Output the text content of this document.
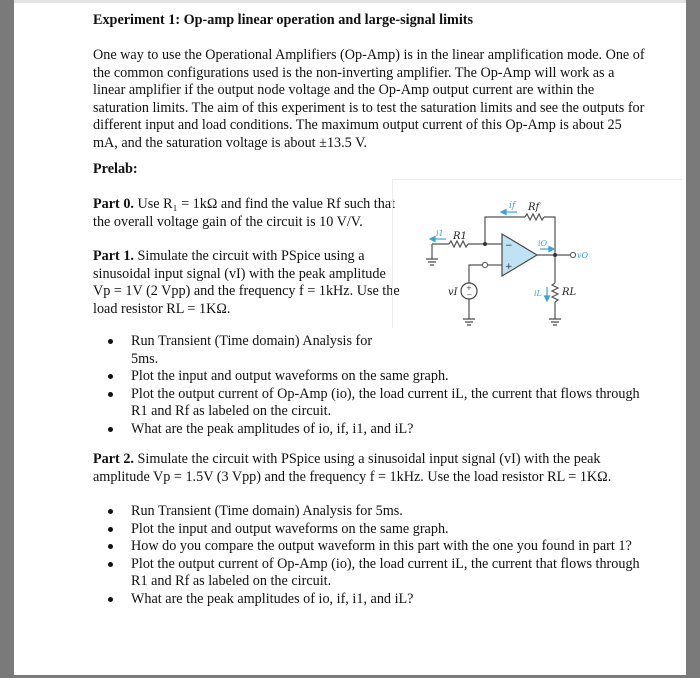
Experiment 1: Op-amp linear operation and large-signal limits
One way to use the Operational Amplifiers (Op-Amp) is in the linear amplification mode. One of
the common configurations used is the non-inverting amplifier. The Op-Amp will work as a
linear amplifier if the output node voltage and the Op-Amp output current are within the
saturation limits. The aim of this experiment is to test the saturation limits and see the outputs for
different input and load conditions. The maximum output current of this Op-Amp is about 25
mA, and the saturation voltage is about ±13.5 V.
Prelab:
Part 0. Use R₁ = 1kΩ and find the value Rf such that
the overall voltage gain of the circuit is 10 V/V.
Part 1. Simulate the circuit with PSpice using a
sinusoidal input signal (vI) with the peak amplitude
Vp = 1V (2 Vpp) and the frequency f = 1kHz. Use the
load resistor RL = 1KΩ.
−
+
+
−
R1
Rf
RL
vI
i1
if
iO
iL
vO
Run Transient (Time domain) Analysis for
5ms.
Plot the input and output waveforms on the same graph.
Plot the output current of Op-Amp (io), the load current iL, the current that flows through
R1 and Rf as labeled on the circuit.
What are the peak amplitudes of io, if, i1, and iL?
Part 2. Simulate the circuit with PSpice using a sinusoidal input signal (vI) with the peak
amplitude Vp = 1.5V (3 Vpp) and the frequency f = 1kHz. Use the load resistor RL = 1KΩ.
Run Transient (Time domain) Analysis for 5ms.
Plot the input and output waveforms on the same graph.
How do you compare the output waveform in this part with the one you found in part 1?
Plot the output current of Op-Amp (io), the load current iL, the current that flows through
R1 and Rf as labeled on the circuit.
What are the peak amplitudes of io, if, i1, and iL?
